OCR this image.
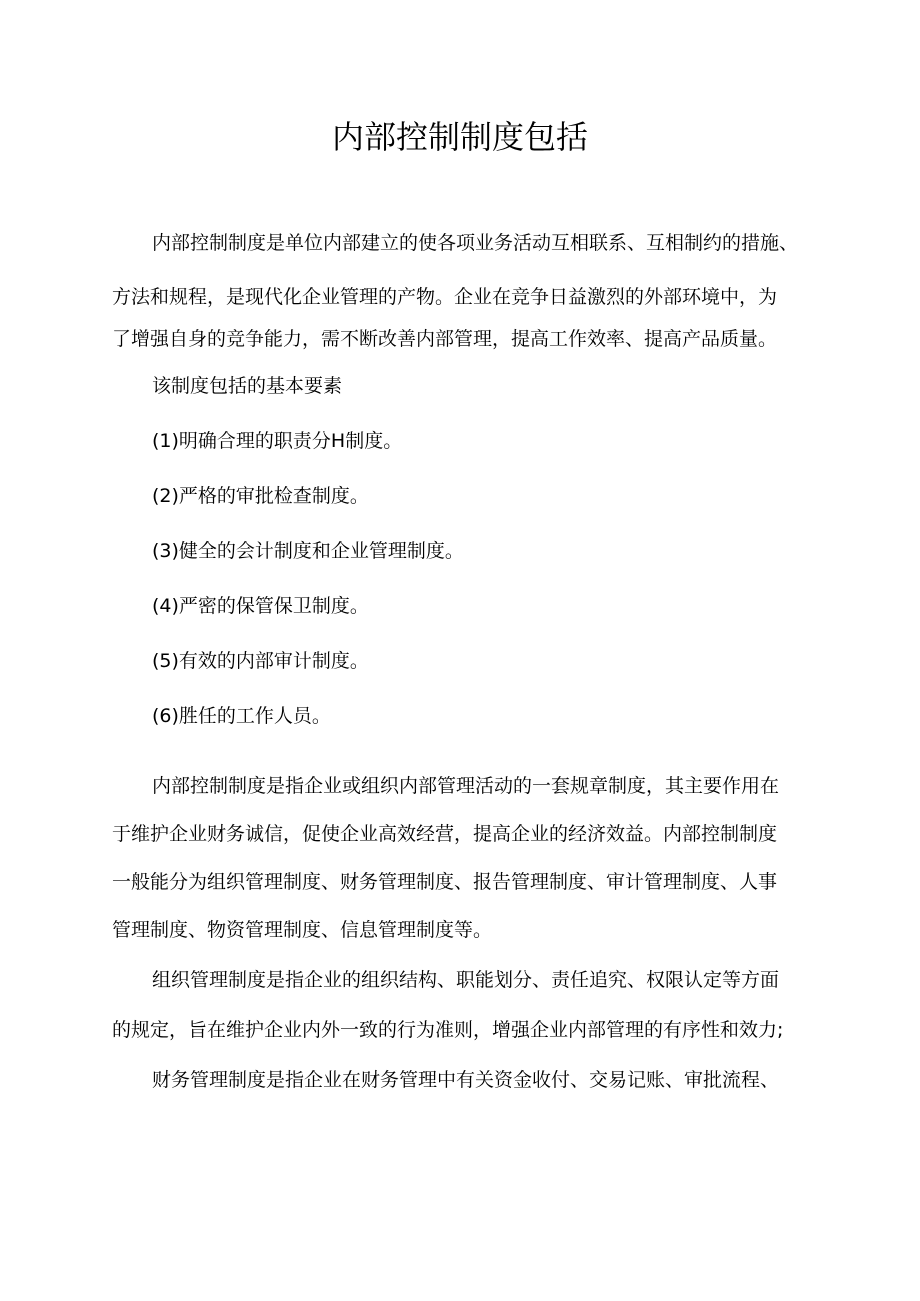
内部控制制度包括
内部控制制度是单位内部建立的使各项业务活动互相联系、互相制约的措施、
方法和规程，是现代化企业管理的产物。企业在竞争日益激烈的外部环境中，为
了增强自身的竞争能力，需不断改善内部管理，提高工作效率、提高产品质量。
该制度包括的基本要素
(1)明确合理的职责分H制度。
(2)严格的审批检查制度。
(3)健全的会计制度和企业管理制度。
(4)严密的保管保卫制度。
(5)有效的内部审计制度。
(6)胜任的工作人员。
内部控制制度是指企业或组织内部管理活动的一套规章制度，其主要作用在
于维护企业财务诚信，促使企业高效经营，提高企业的经济效益。内部控制制度
一般能分为组织管理制度、财务管理制度、报告管理制度、审计管理制度、人事
管理制度、物资管理制度、信息管理制度等。
组织管理制度是指企业的组织结构、职能划分、责任追究、权限认定等方面
的规定，旨在维护企业内外一致的行为准则，增强企业内部管理的有序性和效力;
财务管理制度是指企业在财务管理中有关资金收付、交易记账、审批流程、
